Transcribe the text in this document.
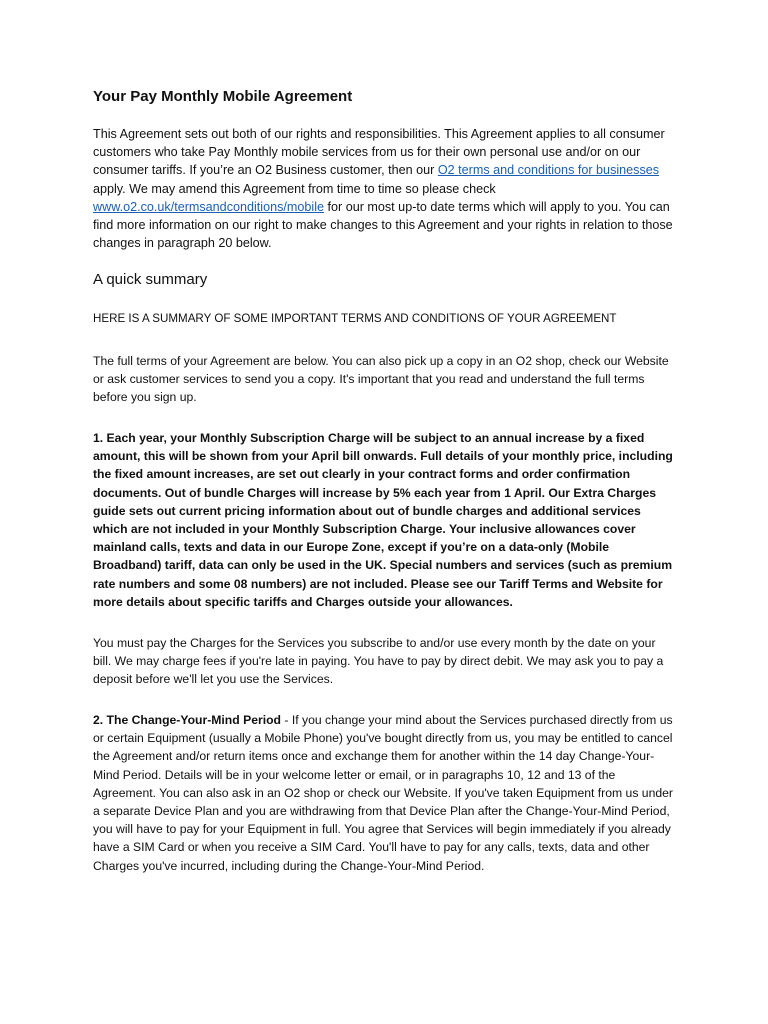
Your Pay Monthly Mobile Agreement
This Agreement sets out both of our rights and responsibilities. This Agreement applies to all consumer customers who take Pay Monthly mobile services from us for their own personal use and/or on our consumer tariffs. If you’re an O2 Business customer, then our O2 terms and conditions for businesses apply. We may amend this Agreement from time to time so please check www.o2.co.uk/termsandconditions/mobile for our most up-to date terms which will apply to you. You can find more information on our right to make changes to this Agreement and your rights in relation to those changes in paragraph 20 below.
A quick summary
HERE IS A SUMMARY OF SOME IMPORTANT TERMS AND CONDITIONS OF YOUR AGREEMENT
The full terms of your Agreement are below. You can also pick up a copy in an O2 shop, check our Website or ask customer services to send you a copy. It's important that you read and understand the full terms before you sign up.
1. Each year, your Monthly Subscription Charge will be subject to an annual increase by a fixed amount, this will be shown from your April bill onwards. Full details of your monthly price, including the fixed amount increases, are set out clearly in your contract forms and order confirmation documents. Out of bundle Charges will increase by 5% each year from 1 April. Our Extra Charges guide sets out current pricing information about out of bundle charges and additional services which are not included in your Monthly Subscription Charge. Your inclusive allowances cover mainland calls, texts and data in our Europe Zone, except if you’re on a data-only (Mobile Broadband) tariff, data can only be used in the UK. Special numbers and services (such as premium rate numbers and some 08 numbers) are not included. Please see our Tariff Terms and Website for more details about specific tariffs and Charges outside your allowances.
You must pay the Charges for the Services you subscribe to and/or use every month by the date on your bill. We may charge fees if you're late in paying. You have to pay by direct debit. We may ask you to pay a deposit before we'll let you use the Services.
2. The Change-Your-Mind Period - If you change your mind about the Services purchased directly from us or certain Equipment (usually a Mobile Phone) you've bought directly from us, you may be entitled to cancel the Agreement and/or return items once and exchange them for another within the 14 day Change-Your-Mind Period. Details will be in your welcome letter or email, or in paragraphs 10, 12 and 13 of the Agreement. You can also ask in an O2 shop or check our Website. If you've taken Equipment from us under a separate Device Plan and you are withdrawing from that Device Plan after the Change-Your-Mind Period, you will have to pay for your Equipment in full. You agree that Services will begin immediately if you already have a SIM Card or when you receive a SIM Card. You'll have to pay for any calls, texts, data and other Charges you've incurred, including during the Change-Your-Mind Period.
